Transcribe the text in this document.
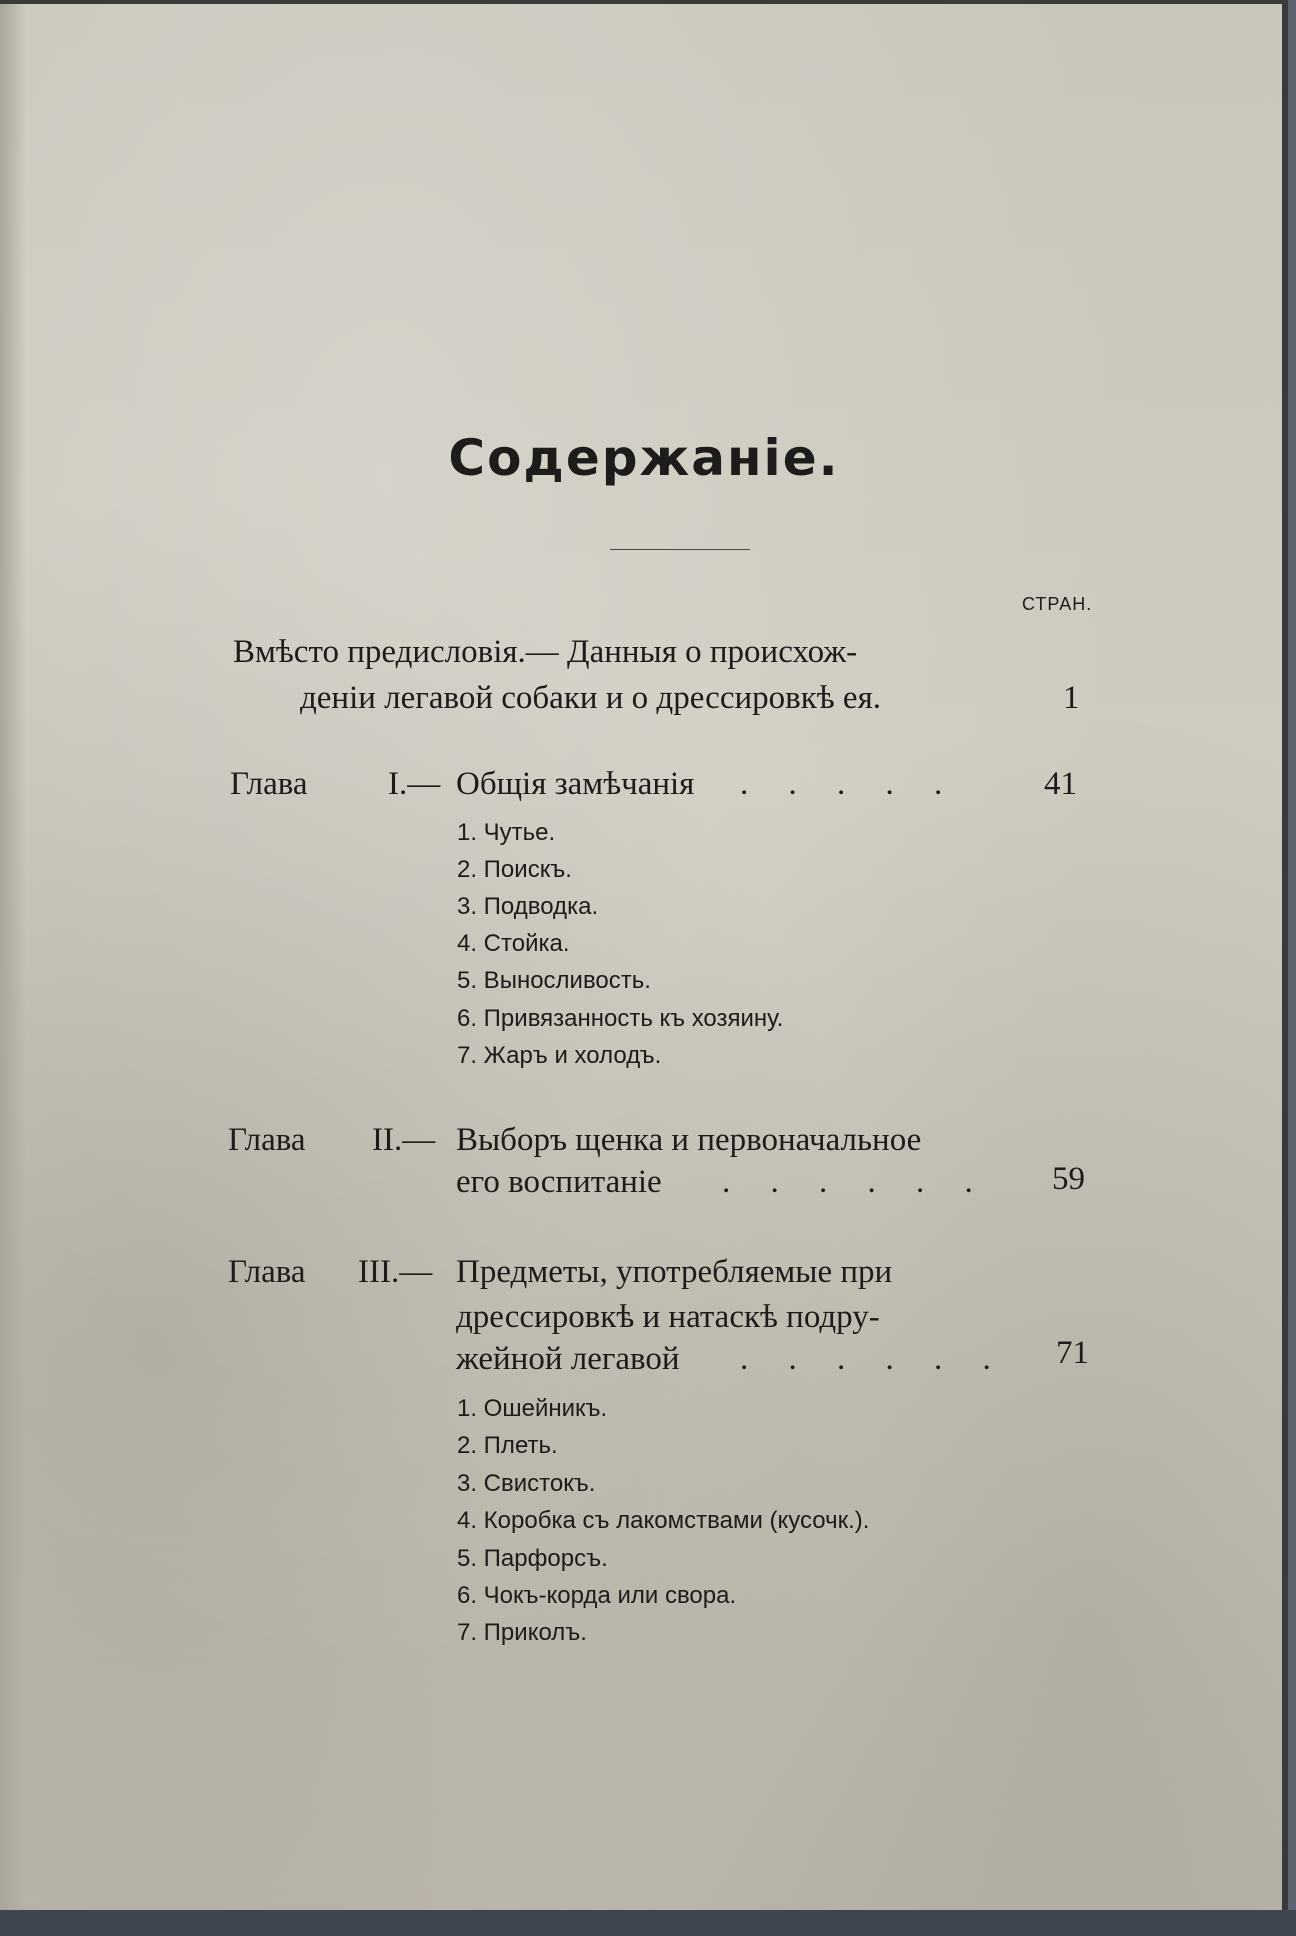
Содержаніе.
СТРАН.
Вмѣсто предисловія.— Данныя о происхож-
деніи легавой собаки и о дрессировкѣ ея.	1
Глава I.— Общія замѣчанія . . . . .	41
1. Чутье.
2. Поискъ.
3. Подводка.
4. Стойка.
5. Выносливость.
6. Привязанность къ хозяину.
7. Жаръ и холодъ.
Глава II.— Выборъ щенка и первоначальное
его воспитаніе . . . . . . 59
Глава III.— Предметы, употребляемые при
дрессировкѣ и натаскѣ подру-
жейной легавой . . . . . . 71
1. Ошейникъ.
2. Плеть.
3. Свистокъ.
4. Коробка съ лакомствами (кусочк.).
5. Парфорсъ.
6. Чокъ-корда или свора.
7. Приколъ.
